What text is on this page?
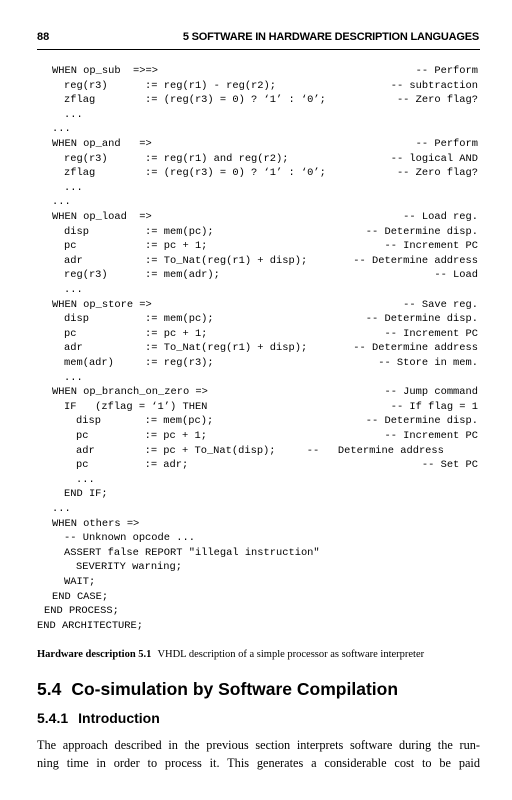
88	5 SOFTWARE IN HARDWARE DESCRIPTION LANGUAGES
WHEN op_sub  =>=>	-- Perform
reg(r3)      := reg(r1) - reg(r2);	-- subtraction
zflag        := (reg(r3) = 0) ? ‘1’ : ‘0’;	-- Zero flag?
...
...
WHEN op_and   =>	-- Perform
reg(r3)      := reg(r1) and reg(r2);	-- logical AND
zflag        := (reg(r3) = 0) ? ‘1’ : ‘0’;	-- Zero flag?
...
...
WHEN op_load  =>	-- Load reg.
disp         := mem(pc);	-- Determine disp.
pc           := pc + 1;	-- Increment PC
adr          := To_Nat(reg(r1) + disp);	-- Determine address
reg(r3)      := mem(adr);	-- Load
...
WHEN op_store =>	-- Save reg.
disp         := mem(pc);	-- Determine disp.
pc           := pc + 1;	-- Increment PC
adr          := To_Nat(reg(r1) + disp);	-- Determine address
mem(adr)     := reg(r3);	-- Store in mem.
...
WHEN op_branch_on_zero =>	-- Jump command
IF   (zflag = ‘1’) THEN	-- If flag = 1
disp       := mem(pc);	-- Determine disp.
pc         := pc + 1;	-- Increment PC
adr        := pc + To_Nat(disp);     --   Determine address
pc         := adr;	-- Set PC
...
END IF;
...
WHEN others =>
-- Unknown opcode ...
ASSERT false REPORT "illegal instruction"
SEVERITY warning;
WAIT;
END CASE;
END PROCESS;
END ARCHITECTURE;
Hardware description 5.1 VHDL description of a simple processor as software interpreter
5.4 Co-simulation by Software Compilation
5.4.1 Introduction
The approach described in the previous section interprets software during the run-
ning time in order to process it. This generates a considerable cost to be paid
